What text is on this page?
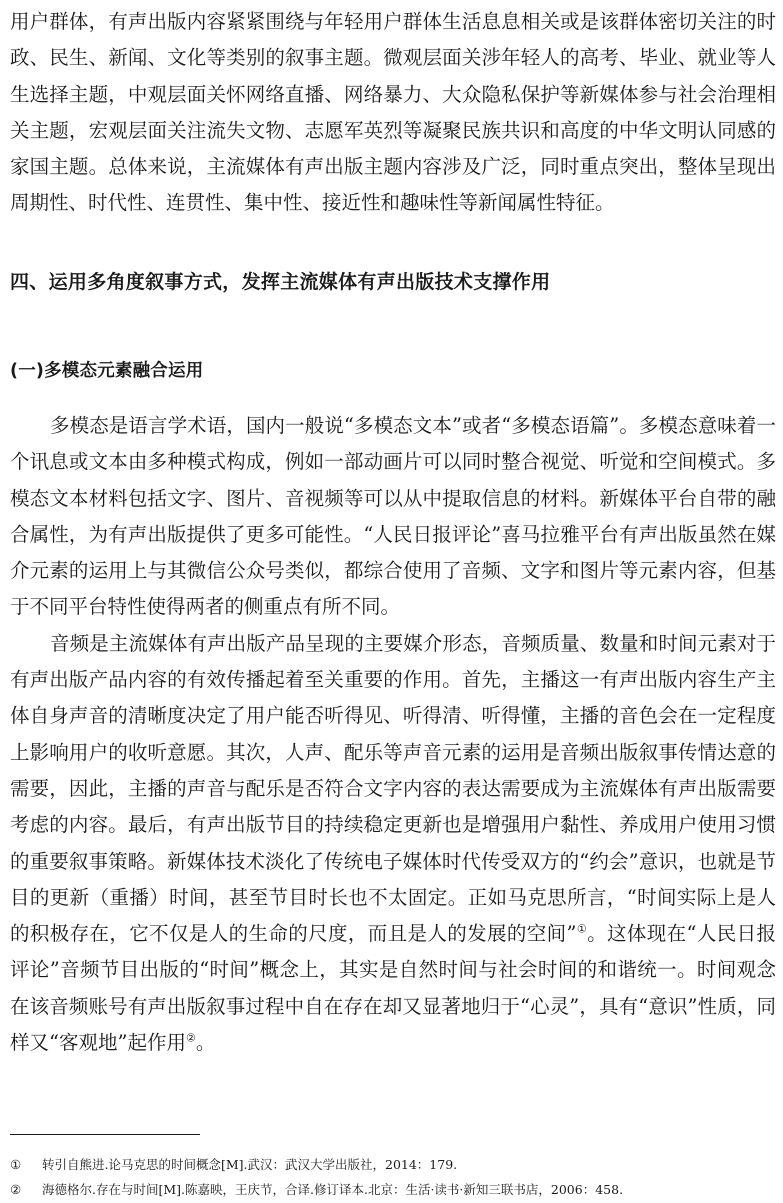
用户群体，有声出版内容紧紧围绕与年轻用户群体生活息息相关或是该群体密切关注的时政、民生、新闻、文化等类别的叙事主题。微观层面关涉年轻人的高考、毕业、就业等人生选择主题，中观层面关怀网络直播、网络暴力、大众隐私保护等新媒体参与社会治理相关主题，宏观层面关注流失文物、志愿军英烈等凝聚民族共识和高度的中华文明认同感的家国主题。总体来说，主流媒体有声出版主题内容涉及广泛，同时重点突出，整体呈现出周期性、时代性、连贯性、集中性、接近性和趣味性等新闻属性特征。

四、运用多角度叙事方式，发挥主流媒体有声出版技术支撑作用
(一)多模态元素融合运用

多模态是语言学术语，国内一般说“多模态文本”或者“多模态语篇”。多模态意味着一个讯息或文本由多种模式构成，例如一部动画片可以同时整合视觉、听觉和空间模式。多模态文本材料包括文字、图片、音视频等可以从中提取信息的材料。新媒体平台自带的融合属性，为有声出版提供了更多可能性。“人民日报评论”喜马拉雅平台有声出版虽然在媒介元素的运用上与其微信公众号类似，都综合使用了音频、文字和图片等元素内容，但基于不同平台特性使得两者的侧重点有所不同。

音频是主流媒体有声出版产品呈现的主要媒介形态，音频质量、数量和时间元素对于有声出版产品内容的有效传播起着至关重要的作用。首先，主播这一有声出版内容生产主体自身声音的清晰度决定了用户能否听得见、听得清、听得懂，主播的音色会在一定程度上影响用户的收听意愿。其次，人声、配乐等声音元素的运用是音频出版叙事传情达意的需要，因此，主播的声音与配乐是否符合文字内容的表达需要成为主流媒体有声出版需要考虑的内容。最后，有声出版节目的持续稳定更新也是增强用户黏性、养成用户使用习惯的重要叙事策略。新媒体技术淡化了传统电子媒体时代传受双方的“约会”意识，也就是节目的更新（重播）时间，甚至节目时长也不太固定。正如马克思所言，“时间实际上是人的积极存在，它不仅是人的生命的尺度，而且是人的发展的空间”①。这体现在“人民日报评论”音频节目出版的“时间”概念上，其实是自然时间与社会时间的和谐统一。时间观念在该音频账号有声出版叙事过程中自在存在却又显著地归于“心灵”，具有“意识”性质，同样又“客观地”起作用②。

①	转引自熊进.论马克思的时间概念[M].武汉：武汉大学出版社，2014：179.

②	海德格尔.存在与时间[M].陈嘉映，王庆节，合译.修订译本.北京：生活·读书·新知三联书店，2006：458.
